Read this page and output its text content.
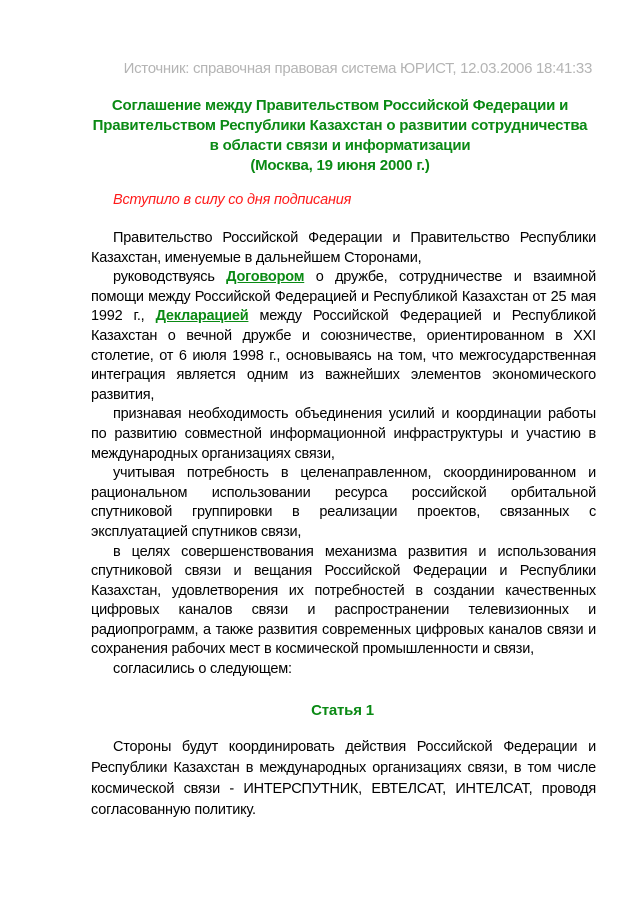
Источник: справочная правовая система ЮРИСТ, 12.03.2006 18:41:33
Соглашение между Правительством Российской Федерации и
Правительством Республики Казахстан о развитии сотрудничества
в области связи и информатизации
(Москва, 19 июня 2000 г.)
Вступило в силу со дня подписания

Правительство Российской Федерации и Правительство Республики Казахстан, именуемые в дальнейшем Сторонами,

руководствуясь Договором о дружбе, сотрудничестве и взаимной помощи между Российской Федерацией и Республикой Казахстан от 25 мая 1992 г., Декларацией между Российской Федерацией и Республикой Казахстан о вечной дружбе и союзничестве, ориентированном в XXI столетие, от 6 июля 1998 г., основываясь на том, что межгосударственная интеграция является одним из важнейших элементов экономического развития,

признавая необходимость объединения усилий и координации работы по развитию совместной информационной инфраструктуры и участию в международных организациях связи,

учитывая потребность в целенаправленном, скоординированном и рациональном использовании ресурса российской орбитальной спутниковой группировки в реализации проектов, связанных с эксплуатацией спутников связи,

в целях совершенствования механизма развития и использования спутниковой связи и вещания Российской Федерации и Республики Казахстан, удовлетворения их потребностей в создании качественных цифровых каналов связи и распространении телевизионных и радиопрограмм, а также развития современных цифровых каналов связи и сохранения рабочих мест в космической промышленности и связи,

согласились о следующем:

Статья 1

Стороны будут координировать действия Российской Федерации и Республики Казахстан в международных организациях связи, в том числе космической связи - ИНТЕРСПУТНИК, ЕВТЕЛСАТ, ИНТЕЛСАТ, проводя согласованную политику.
